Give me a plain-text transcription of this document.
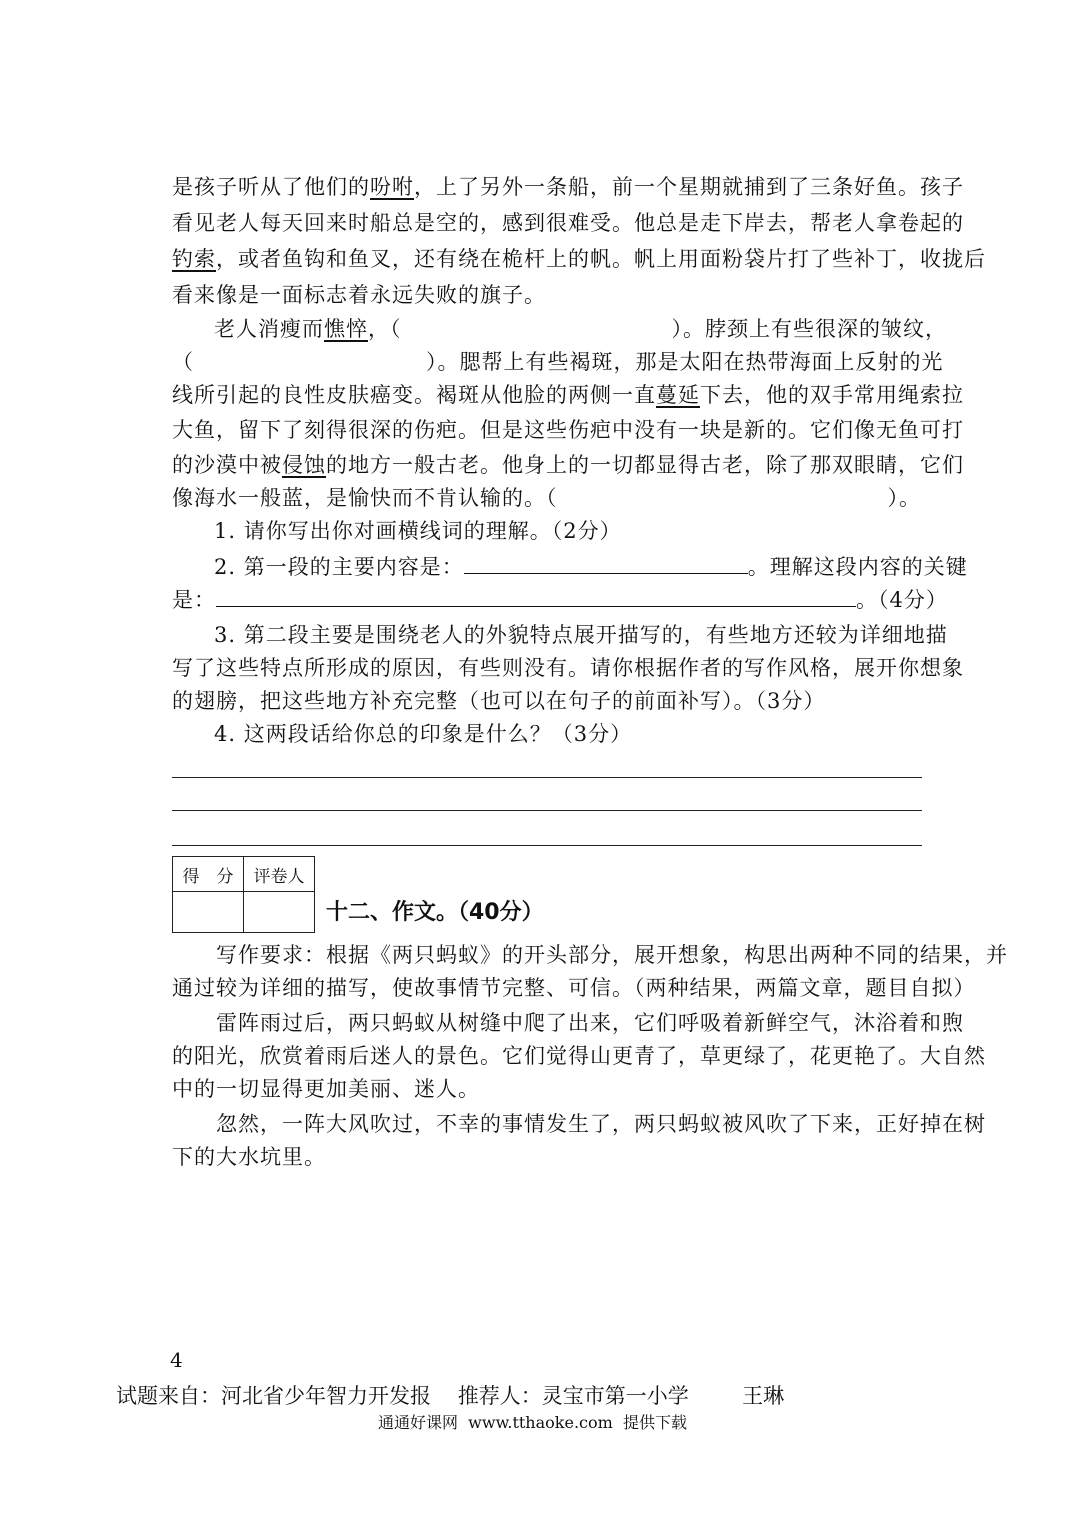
是孩子听从了他们的吩咐，上了另外一条船，前一个星期就捕到了三条好鱼。孩子
看见老人每天回来时船总是空的，感到很难受。他总是走下岸去，帮老人拿卷起的
钓索，或者鱼钩和鱼叉，还有绕在桅杆上的帆。帆上用面粉袋片打了些补丁，收拢后
看来像是一面标志着永远失败的旗子。
老人消瘦而憔悴，（	）。脖颈上有些很深的皱纹，
（	）。腮帮上有些褐斑，那是太阳在热带海面上反射的光
线所引起的良性皮肤癌变。褐斑从他脸的两侧一直蔓延下去，他的双手常用绳索拉
大鱼，留下了刻得很深的伤疤。但是这些伤疤中没有一块是新的。它们像无鱼可打
的沙漠中被侵蚀的地方一般古老。他身上的一切都显得古老，除了那双眼睛，它们
像海水一般蓝，是愉快而不肯认输的。（	）。
1. 请你写出你对画横线词的理解。（2分）
2. 第一段的主要内容是：	。理解这段内容的关键
是：	。（4分）
3. 第二段主要是围绕老人的外貌特点展开描写的，有些地方还较为详细地描
写了这些特点所形成的原因，有些则没有。请你根据作者的写作风格，展开你想象
的翅膀，把这些地方补充完整（也可以在句子的前面补写）。（3分）
4. 这两段话给你总的印象是什么？（3分）
得　分	评卷人

十二、作文。（40分）
　　写作要求：根据《两只蚂蚁》的开头部分，展开想象，构思出两种不同的结果，并
通过较为详细的描写，使故事情节完整、可信。（两种结果，两篇文章，题目自拟）
　　雷阵雨过后，两只蚂蚁从树缝中爬了出来，它们呼吸着新鲜空气，沐浴着和煦
的阳光，欣赏着雨后迷人的景色。它们觉得山更青了，草更绿了，花更艳了。大自然
中的一切显得更加美丽、迷人。
　　忽然，一阵大风吹过，不幸的事情发生了，两只蚂蚁被风吹了下来，正好掉在树
下的大水坑里。
4
试题来自：河北省少年智力开发报    推荐人：灵宝市第一小学        王琳
通通好课网  www.tthaoke.com  提供下载
